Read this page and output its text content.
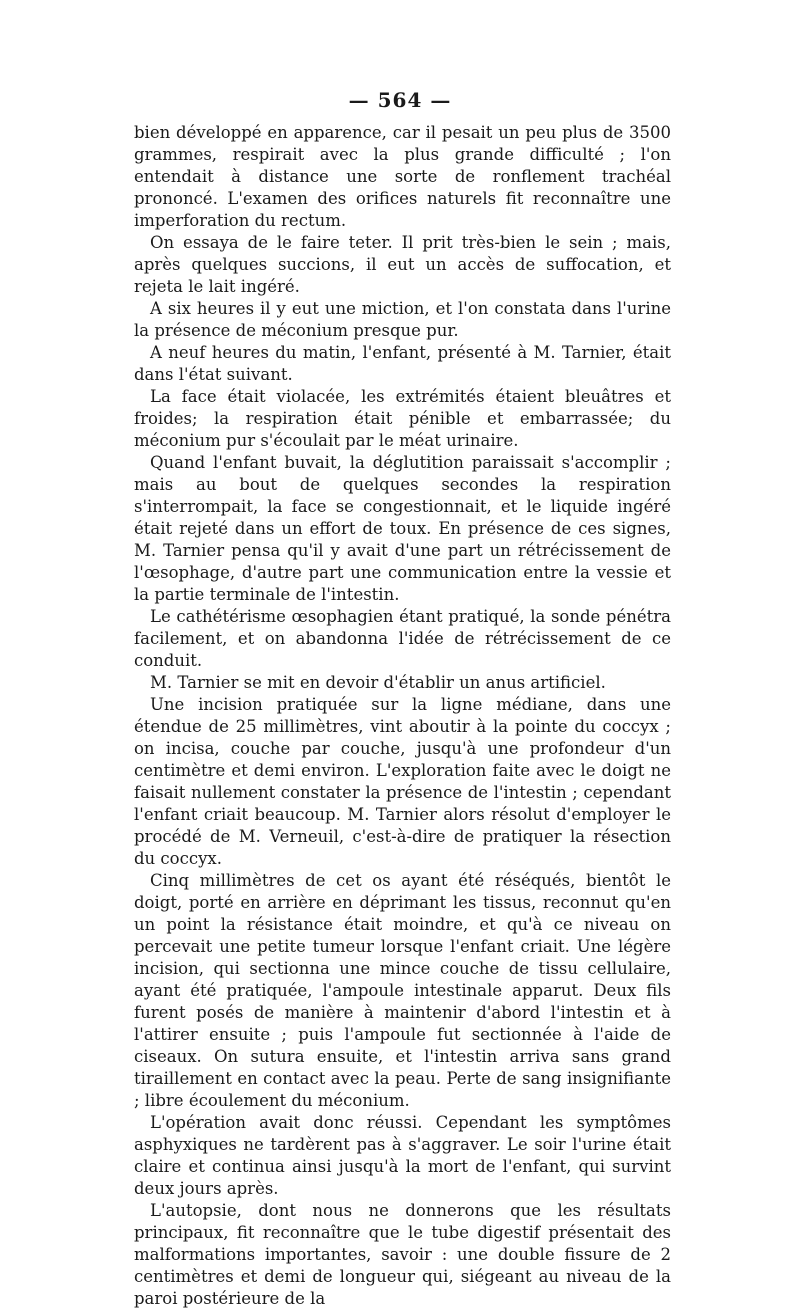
— 564 —

bien développé en apparence, car il pesait un peu plus de 3500 grammes, respirait avec la plus grande difficulté ; l'on entendait à distance une sorte de ronflement trachéal prononcé. L'examen des orifices naturels fit reconnaître une imperforation du rectum.

On essaya de le faire teter. Il prit très-bien le sein ; mais, après quelques succions, il eut un accès de suffocation, et rejeta le lait ingéré.

A six heures il y eut une miction, et l'on constata dans l'urine la présence de méconium presque pur.

A neuf heures du matin, l'enfant, présenté à M. Tarnier, était dans l'état suivant.

La face était violacée, les extrémités étaient bleuâtres et froides; la respiration était pénible et embarrassée; du méconium pur s'écoulait par le méat urinaire.

Quand l'enfant buvait, la déglutition paraissait s'accomplir ; mais au bout de quelques secondes la respiration s'interrompait, la face se congestionnait, et le liquide ingéré était rejeté dans un effort de toux. En présence de ces signes, M. Tarnier pensa qu'il y avait d'une part un rétrécissement de l'œsophage, d'autre part une communication entre la vessie et la partie terminale de l'intestin.

Le cathétérisme œsophagien étant pratiqué, la sonde pénétra facilement, et on abandonna l'idée de rétrécissement de ce conduit.

M. Tarnier se mit en devoir d'établir un anus artificiel.

Une incision pratiquée sur la ligne médiane, dans une étendue de 25 millimètres, vint aboutir à la pointe du coccyx ; on incisa, couche par couche, jusqu'à une profondeur d'un centimètre et demi environ. L'exploration faite avec le doigt ne faisait nullement constater la présence de l'intestin ; cependant l'enfant criait beaucoup. M. Tarnier alors résolut d'employer le procédé de M. Verneuil, c'est-à-dire de pratiquer la résection du coccyx.

Cinq millimètres de cet os ayant été réséqués, bientôt le doigt, porté en arrière en déprimant les tissus, reconnut qu'en un point la résistance était moindre, et qu'à ce niveau on percevait une petite tumeur lorsque l'enfant criait. Une légère incision, qui sectionna une mince couche de tissu cellulaire, ayant été pratiquée, l'ampoule intestinale apparut. Deux fils furent posés de manière à maintenir d'abord l'intestin et à l'attirer ensuite ; puis l'ampoule fut sectionnée à l'aide de ciseaux. On sutura ensuite, et l'intestin arriva sans grand tiraillement en contact avec la peau. Perte de sang insignifiante ; libre écoulement du méconium.

L'opération avait donc réussi. Cependant les symptômes asphyxiques ne tardèrent pas à s'aggraver. Le soir l'urine était claire et continua ainsi jusqu'à la mort de l'enfant, qui survint deux jours après.

L'autopsie, dont nous ne donnerons que les résultats principaux, fit reconnaître que le tube digestif présentait des malformations importantes, savoir : une double fissure de 2 centimètres et demi de longueur qui, siégeant au niveau de la paroi postérieure de la
